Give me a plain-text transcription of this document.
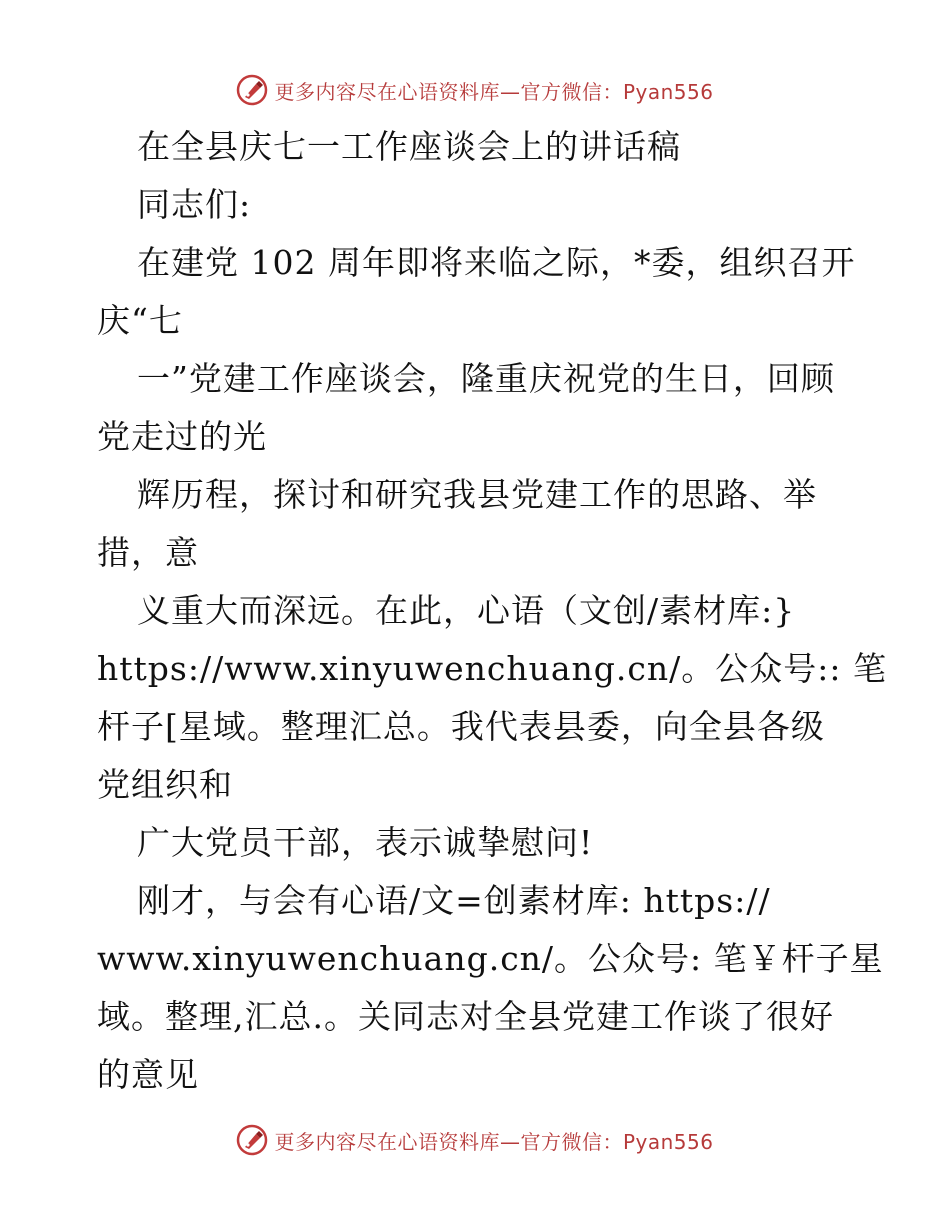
更多内容尽在心语资料库—官方微信：Pyan556
在全县庆七一工作座谈会上的讲话稿
同志们:
在建党 102 周年即将来临之际，*委，组织召开
庆“七
一”党建工作座谈会，隆重庆祝党的生日，回顾
党走过的光
辉历程，探讨和研究我县党建工作的思路、举
措，意
义重大而深远。在此，心语（文创/素材库:}
https://www.xinyuwenchuang.cn/。公众号:: 笔
杆子[星域。整理汇总。我代表县委，向全县各级
党组织和
广大党员干部，表示诚挚慰问!
刚才，与会有心语/文=创素材库: https://
www.xinyuwenchuang.cn/。公众号: 笔￥杆子星
域。整理,汇总.。关同志对全县党建工作谈了很好
的意见
更多内容尽在心语资料库—官方微信：Pyan556
